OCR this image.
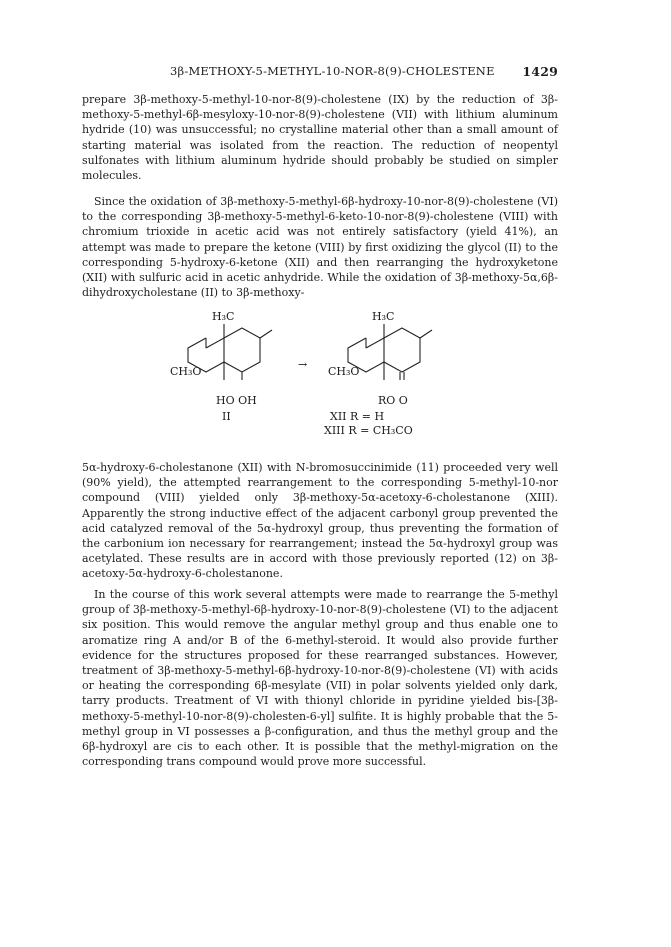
3β-METHOXY-5-METHYL-10-NOR-8(9)-CHOLESTENE 1429

prepare 3β-methoxy-5-methyl-10-nor-8(9)-cholestene (IX) by the reduction of 3β-methoxy-5-methyl-6β-mesyloxy-10-nor-8(9)-cholestene (VII) with lithium aluminum hydride (10) was unsuccessful; no crystalline material other than a small amount of starting material was isolated from the reaction. The reduction of neopentyl sulfonates with lithium aluminum hydride should probably be studied on simpler molecules.

Since the oxidation of 3β-methoxy-5-methyl-6β-hydroxy-10-nor-8(9)-cholestene (VI) to the corresponding 3β-methoxy-5-methyl-6-keto-10-nor-8(9)-cholestene (VIII) with chromium trioxide in acetic acid was not entirely satisfactory (yield 41%), an attempt was made to prepare the ketone (VIII) by first oxidizing the glycol (II) to the corresponding 5-hydroxy-6-ketone (XII) and then rearranging the hydroxyketone (XII) with sulfuric acid in acetic anhydride. While the oxidation of 3β-methoxy-5α,6β-dihydroxycholestane (II) to 3β-methoxy-

H₃C
CH₃O
HO OH
II
→
H₃C
CH₃O
RO O
XII R = H
XIII R = CH₃CO

5α-hydroxy-6-cholestanone (XII) with N-bromosuccinimide (11) proceeded very well (90% yield), the attempted rearrangement to the corresponding 5-methyl-10-nor compound (VIII) yielded only 3β-methoxy-5α-acetoxy-6-cholestanone (XIII). Apparently the strong inductive effect of the adjacent carbonyl group prevented the acid catalyzed removal of the 5α-hydroxyl group, thus preventing the formation of the carbonium ion necessary for rearrangement; instead the 5α-hydroxyl group was acetylated. These results are in accord with those previously reported (12) on 3β-acetoxy-5α-hydroxy-6-cholestanone.

In the course of this work several attempts were made to rearrange the 5-methyl group of 3β-methoxy-5-methyl-6β-hydroxy-10-nor-8(9)-cholestene (VI) to the adjacent six position. This would remove the angular methyl group and thus enable one to aromatize ring A and/or B of the 6-methyl-steroid. It would also provide further evidence for the structures proposed for these rearranged substances. However, treatment of 3β-methoxy-5-methyl-6β-hydroxy-10-nor-8(9)-cholestene (VI) with acids or heating the corresponding 6β-mesylate (VII) in polar solvents yielded only dark, tarry products. Treatment of VI with thionyl chloride in pyridine yielded bis-[3β-methoxy-5-methyl-10-nor-8(9)-cholesten-6-yl] sulfite. It is highly probable that the 5-methyl group in VI possesses a β-configuration, and thus the methyl group and the 6β-hydroxyl are cis to each other. It is possible that the methyl-migration on the corresponding trans compound would prove more successful.
